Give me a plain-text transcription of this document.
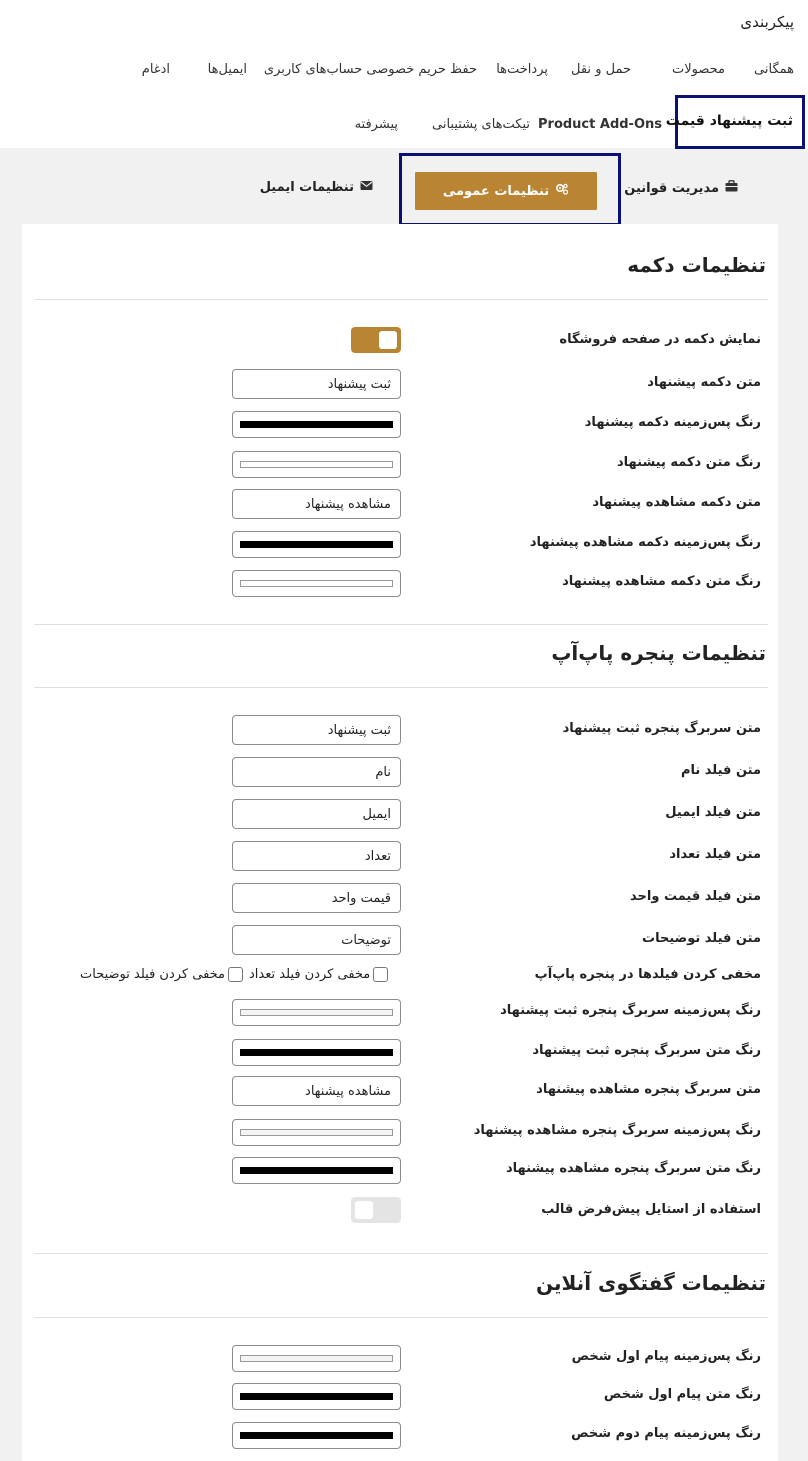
پیکربندی
همگانی
محصولات
حمل و نقل
پرداخت‌ها
حفظ حریم خصوصی حساب‌های کاربری
ایمیل‌ها
ادغام
ثبت پیشنهاد قیمت
Product Add-Ons
تیکت‌های پشتیبانی
پیشرفته
مدیریت قوانین
تنظیمات عمومی
تنظیمات ایمیل
تنظیمات دکمه
نمایش دکمه در صفحه فروشگاه
متن دکمه پیشنهاد
ثبت پیشنهاد
رنگ پس‌زمینه دکمه پیشنهاد
رنگ متن دکمه پیشنهاد
متن دکمه مشاهده پیشنهاد
مشاهده پیشنهاد
رنگ پس‌زمینه دکمه مشاهده پیشنهاد
رنگ متن دکمه مشاهده پیشنهاد
تنظیمات پنجره پاپ‌آپ
متن سربرگ پنجره ثبت پیشنهاد
ثبت پیشنهاد
متن فیلد نام
نام
متن فیلد ایمیل
ایمیل
متن فیلد تعداد
تعداد
متن فیلد قیمت واحد
قیمت واحد
متن فیلد توضیحات
توضیحات
مخفی کردن فیلدها در پنجره پاپ‌آپ
مخفی کردن فیلد تعداد
مخفی کردن فیلد توضیحات
رنگ پس‌زمینه سربرگ پنجره ثبت پیشنهاد
رنگ متن سربرگ پنجره ثبت پیشنهاد
متن سربرگ پنجره مشاهده پیشنهاد
مشاهده پیشنهاد
رنگ پس‌زمینه سربرگ پنجره مشاهده پیشنهاد
رنگ متن سربرگ پنجره مشاهده پیشنهاد
استفاده از استایل پیش‌فرض قالب
تنظیمات گفتگوی آنلاین
رنگ پس‌زمینه پیام اول شخص
رنگ متن پیام اول شخص
رنگ پس‌زمینه پیام دوم شخص
